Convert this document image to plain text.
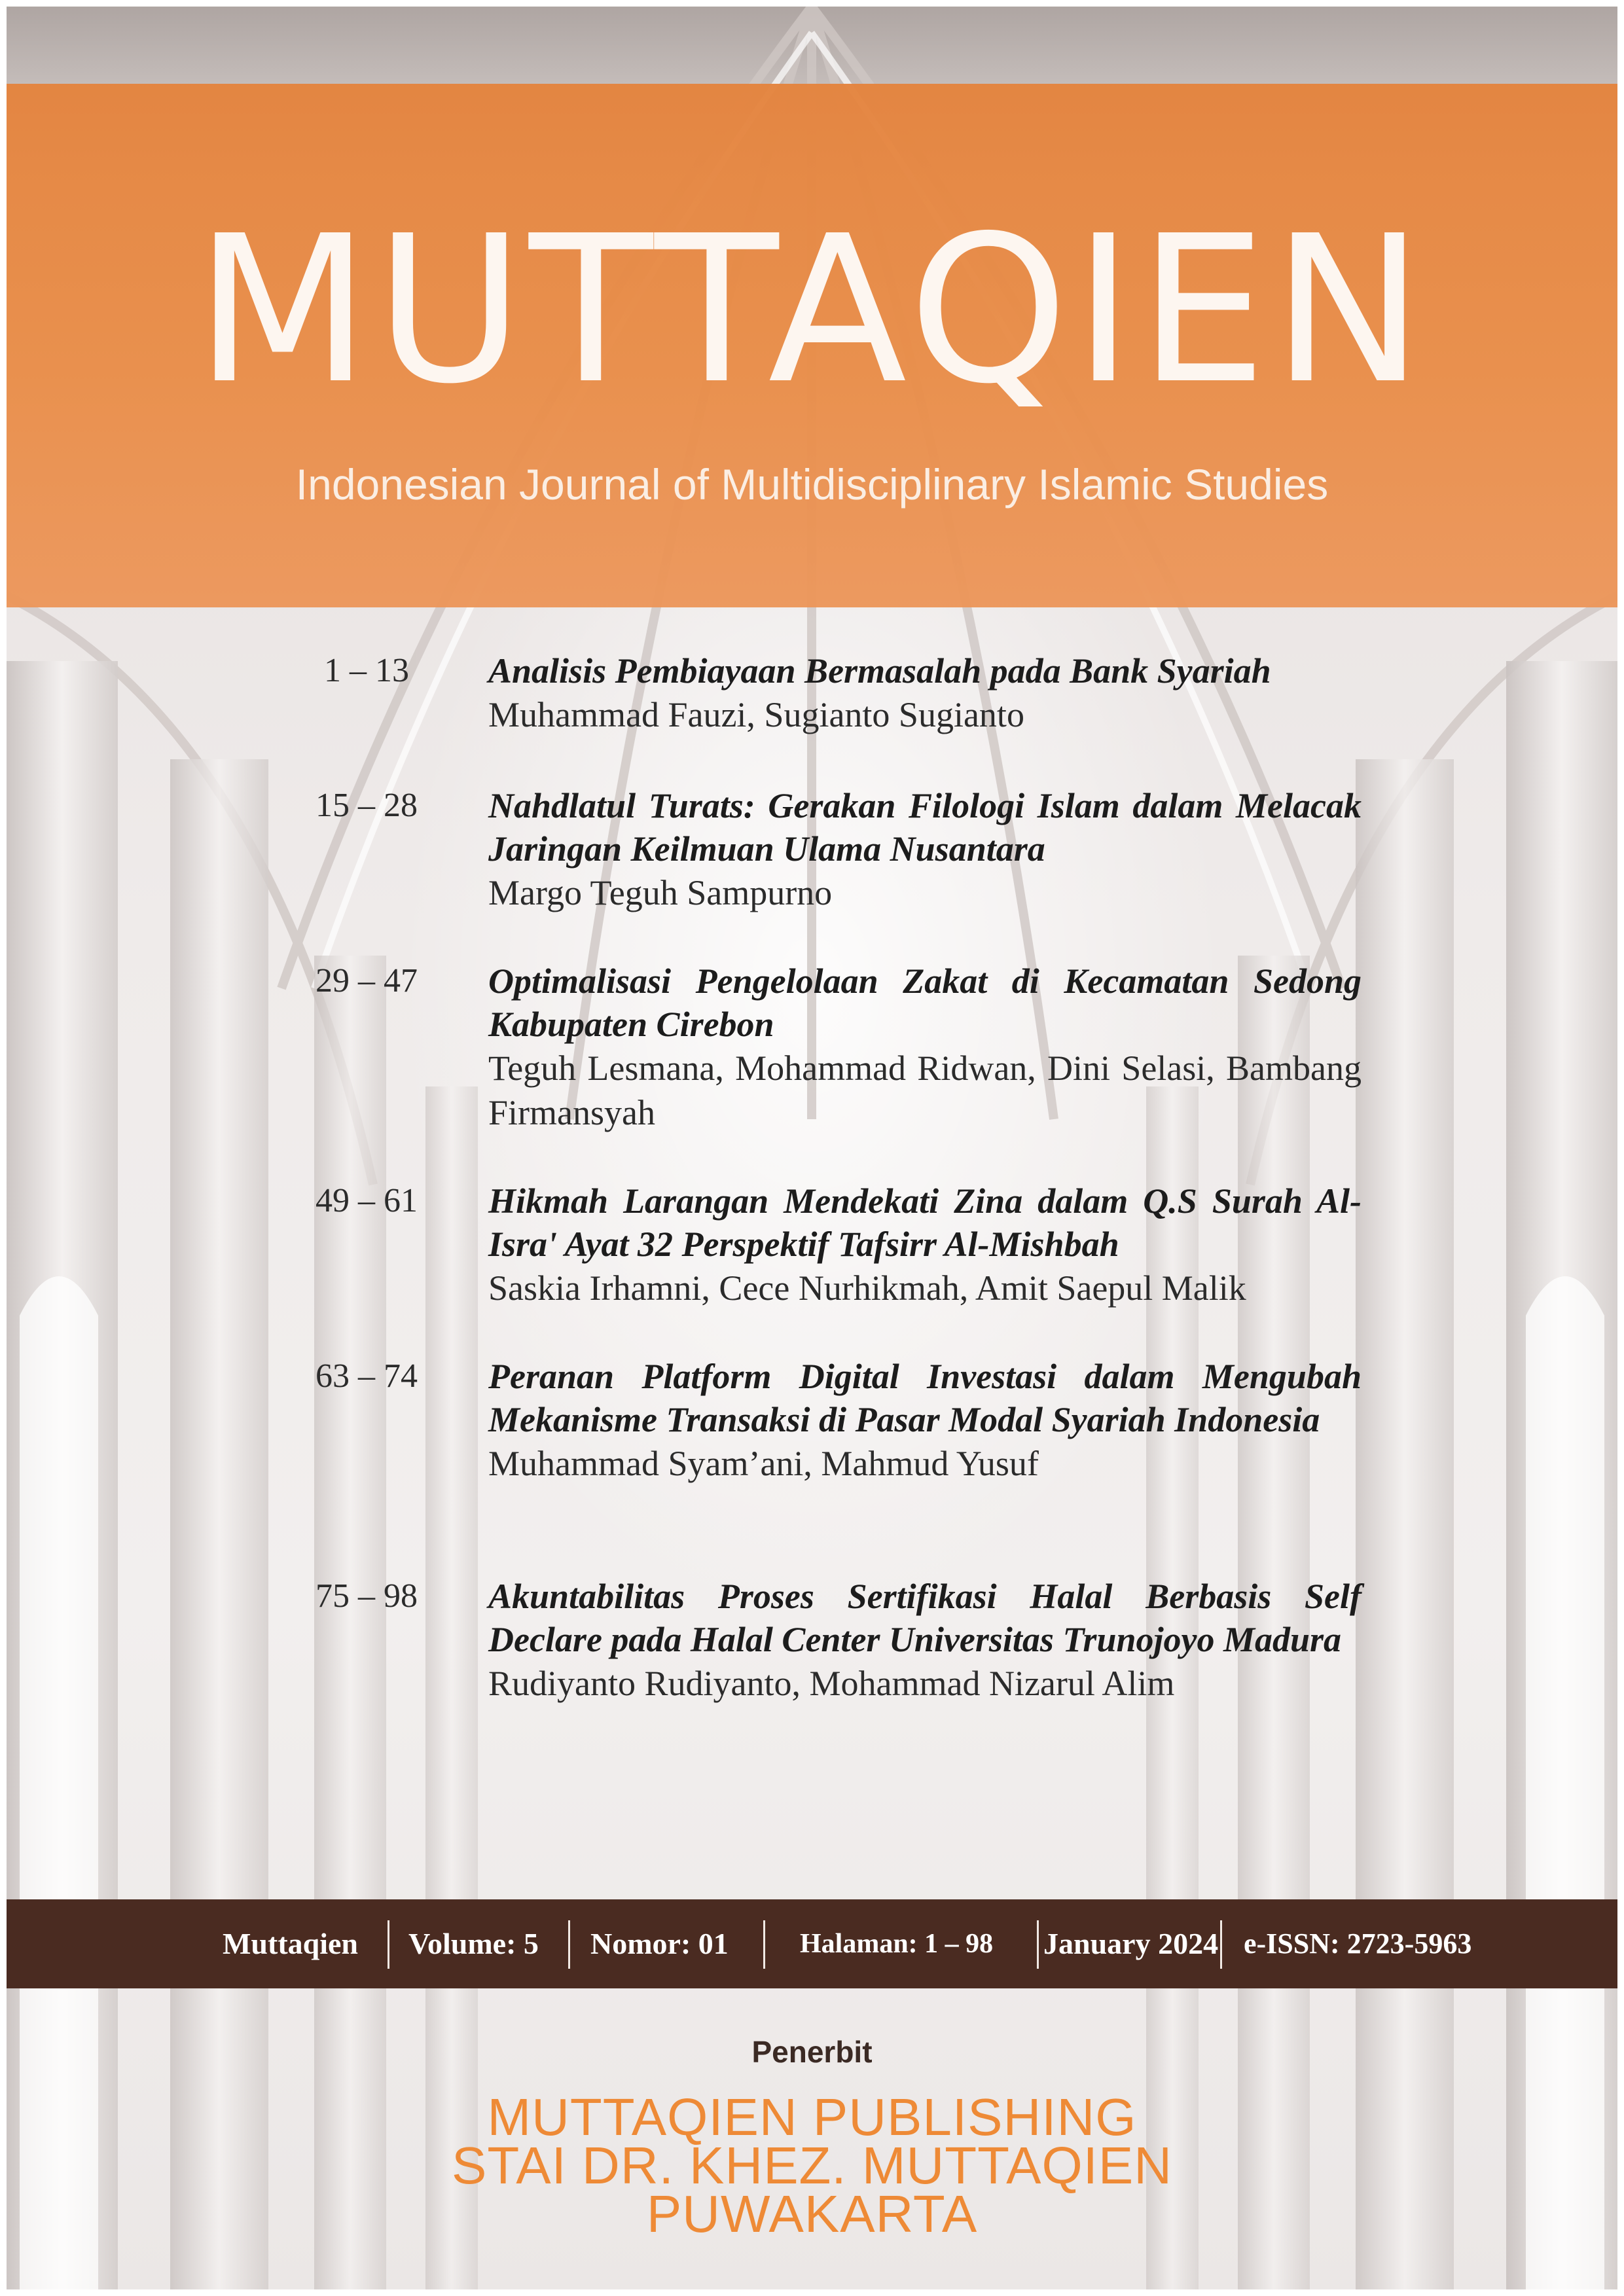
MUTTAQIEN

Indonesian Journal of Multidisciplinary Islamic Studies

1 – 13	Analisis Pembiayaan Bermasalah pada Bank Syariah
Muhammad Fauzi, Sugianto Sugianto
15 – 28	Nahdlatul Turats: Gerakan Filologi Islam dalam Melacak Jaringan Keilmuan Ulama Nusantara
Margo Teguh Sampurno
29 – 47	Optimalisasi Pengelolaan Zakat di Kecamatan Sedong Kabupaten Cirebon
Teguh Lesmana, Mohammad Ridwan, Dini Selasi, Bambang Firmansyah
49 – 61	Hikmah Larangan Mendekati Zina dalam Q.S Surah Al-Isra' Ayat 32 Perspektif Tafsirr Al-Mishbah
Saskia Irhamni, Cece Nurhikmah, Amit Saepul Malik
63 – 74	Peranan Platform Digital Investasi dalam Mengubah Mekanisme Transaksi di Pasar Modal Syariah Indonesia
Muhammad Syam’ani, Mahmud Yusuf
75 – 98	Akuntabilitas Proses Sertifikasi Halal Berbasis Self Declare pada Halal Center Universitas Trunojoyo Madura
Rudiyanto Rudiyanto, Mohammad Nizarul Alim
Muttaqien Volume: 5 Nomor: 01	Halaman: 1 – 98 January 2024 e-ISSN: 2723-5963
Penerbit
MUTTAQIEN PUBLISHING
STAI DR. KHEZ. MUTTAQIEN
PUWAKARTA
